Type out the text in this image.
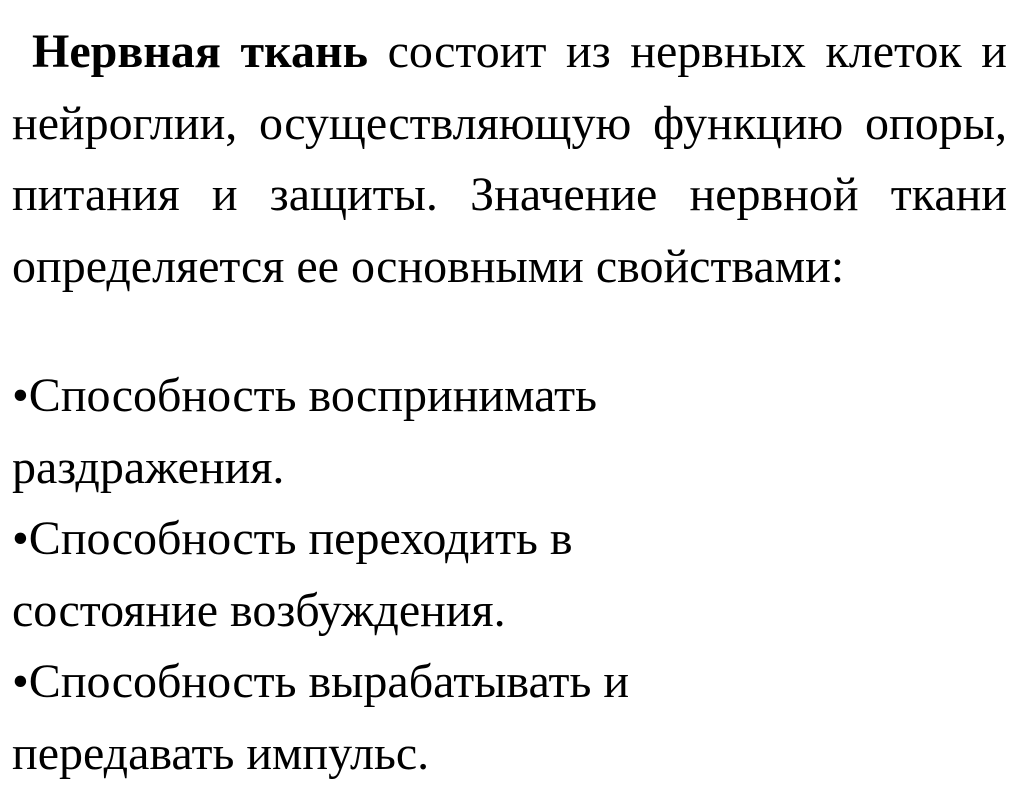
Нервная ткань состоит из нервных клеток и нейроглии, осуществляющую функцию опоры, питания и защиты. Значение нервной ткани определяется ее основными свойствами:

•Способность воспринимать раздражения.
•Способность переходить в состояние возбуждения.
•Способность вырабатывать и передавать импульс.
